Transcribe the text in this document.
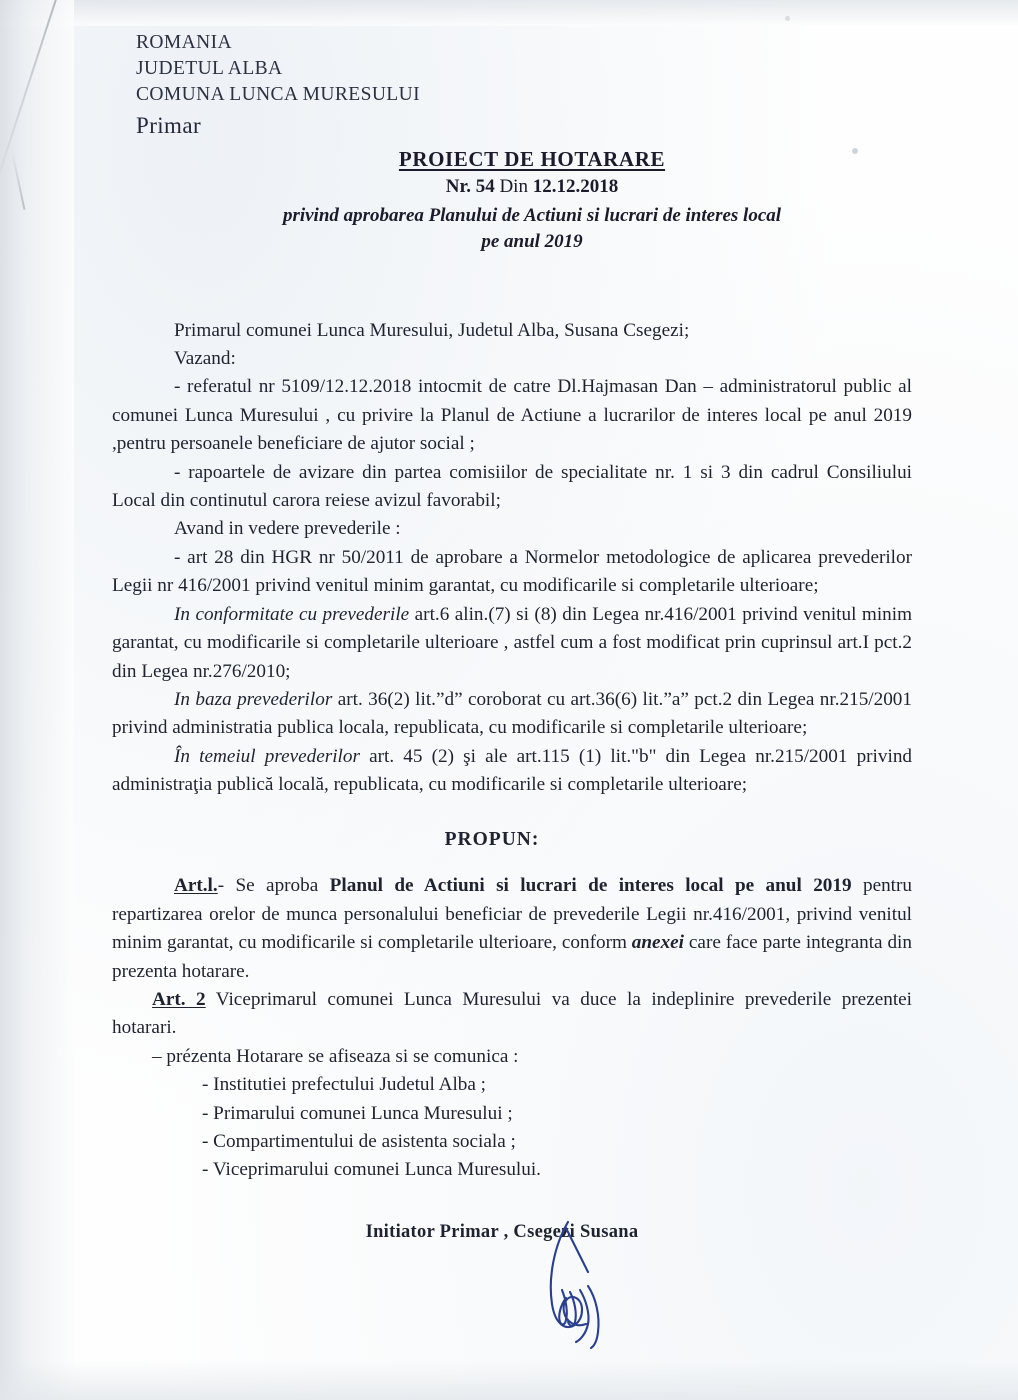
ROMANIA
JUDETUL ALBA
COMUNA LUNCA MURESULUI
Primar
PROIECT DE HOTARARE
Nr. 54 Din 12.12.2018
privind aprobarea Planului de Actiuni si lucrari de interes local
pe anul 2019

Primarul comunei Lunca Muresului, Judetul Alba, Susana Csegezi;

Vazand:

- referatul nr 5109/12.12.2018 intocmit de catre Dl.Hajmasan Dan – administratorul public al comunei Lunca Muresului , cu privire la Planul de Actiune a lucrarilor de interes local pe anul 2019 ,pentru persoanele beneficiare de ajutor social ;

- rapoartele de avizare din partea comisiilor de specialitate nr. 1 si 3 din cadrul Consiliului Local din continutul carora reiese avizul favorabil;

Avand in vedere prevederile :

- art 28 din HGR nr 50/2011 de aprobare a Normelor metodologice de aplicarea prevederilor Legii nr 416/2001 privind venitul minim garantat, cu modificarile si completarile ulterioare;

In conformitate cu prevederile art.6 alin.(7) si (8) din Legea nr.416/2001 privind venitul minim garantat, cu modificarile si completarile ulterioare , astfel cum a fost modificat prin cuprinsul art.I pct.2 din Legea nr.276/2010;

In baza prevederilor art. 36(2) lit.”d” coroborat cu art.36(6) lit.”a” pct.2 din Legea nr.215/2001 privind administratia publica locala, republicata, cu modificarile si completarile ulterioare;

În temeiul prevederilor art. 45 (2) şi ale art.115 (1) lit."b" din Legea nr.215/2001 privind administraţia publică locală, republicata, cu modificarile si completarile ulterioare;

PROPUN:

Art.l.- Se aproba Planul de Actiuni si lucrari de interes local pe anul 2019 pentru repartizarea orelor de munca personalului beneficiar de prevederile Legii nr.416/2001, privind venitul minim garantat, cu modificarile si completarile ulterioare, conform anexei care face parte integranta din prezenta hotarare.

Art. 2 Viceprimarul comunei Lunca Muresului va duce la indeplinire prevederile prezentei hotarari.

– prézenta Hotarare se afiseaza si se comunica :

- Institutiei prefectului Judetul Alba ;

- Primarului comunei Lunca Muresului ;

- Compartimentului de asistenta sociala ;

- Viceprimarului comunei Lunca Muresului.

Initiator Primar , Csegezi Susana
